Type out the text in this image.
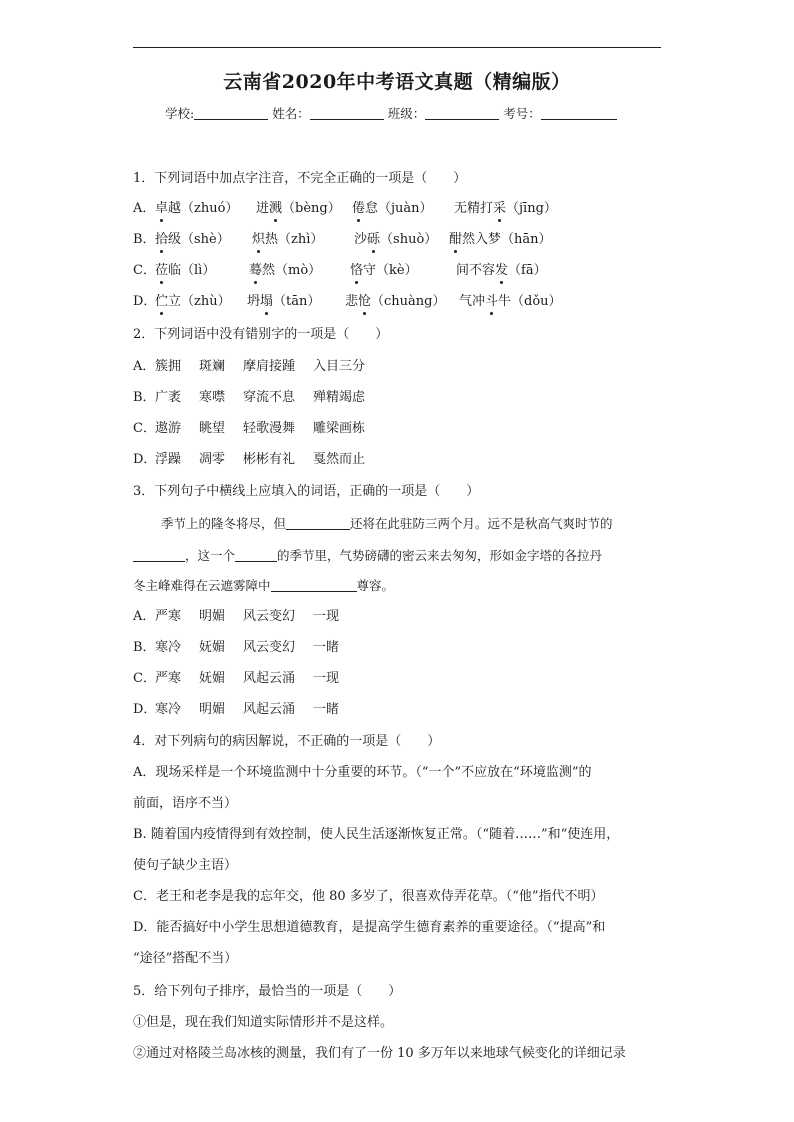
云南省2020年中考语文真题（精编版）
学校:	姓名：	班级：	考号：
1．下列词语中加点字注音，不完全正确的一项是（　　）
A． 卓越（zhuó） 迸溅（bèng） 倦怠（juàn） 无精打采（jīng）
B． 拾级（shè） 炽热（zhì） 沙砾（shuò） 酣然入梦（hān）
C． 莅临（lì）	蓦然（mò） 恪守（kè）	间不容发（fā）
D．
伫立（zhù） 坍塌（tān） 悲怆（chuàng） 气冲斗牛（dǒu）
2．下列词语中没有错别字的一项是（　　）
A． 簇拥 斑斓 摩肩接踵 入目三分
B． 广袤 寒噤 穿流不息 殚精竭虑
C． 遨游 眺望 轻歌漫舞 雕梁画栋
D．
浮躁 凋零 彬彬有礼 戛然而止
3．下列句子中横线上应填入的词语，正确的一项是（　　）
季节上的隆冬将尽，但	还将在此驻防三两个月。远不是秋高气爽时节的
，这一个	的季节里，气势磅礴的密云来去匆匆，形如金字塔的各拉丹
冬主峰难得在云遮雾障中	尊容。
A． 严寒 明媚 风云变幻 一现
B． 寒冷 妩媚 风云变幻 一睹
C． 严寒 妩媚 风起云涌 一现
D．
寒冷 明媚 风起云涌 一睹
4．对下列病句的病因解说，不正确的一项是（　　）
A．现场采样是一个环境监测中十分重要的环节。（“一个”不应放在“环境监测”的
前面，语序不当）
B. 随着国内疫情得到有效控制，使人民生活逐渐恢复正常。（“随着……”和“使连用，
使句子缺少主语）
C．老王和老李是我的忘年交，他 80 多岁了，很喜欢侍弄花草。（“他”指代不明）
D．能否搞好中小学生思想道德教育，是提高学生德育素养的重要途径。（“提高”和
“途径”搭配不当）
5．给下列句子排序，最恰当的一项是（　　）
①但是，现在我们知道实际情形并不是这样。
②通过对格陵兰岛冰核的测量，我们有了一份 10 多万年以来地球气候变化的详细记录
